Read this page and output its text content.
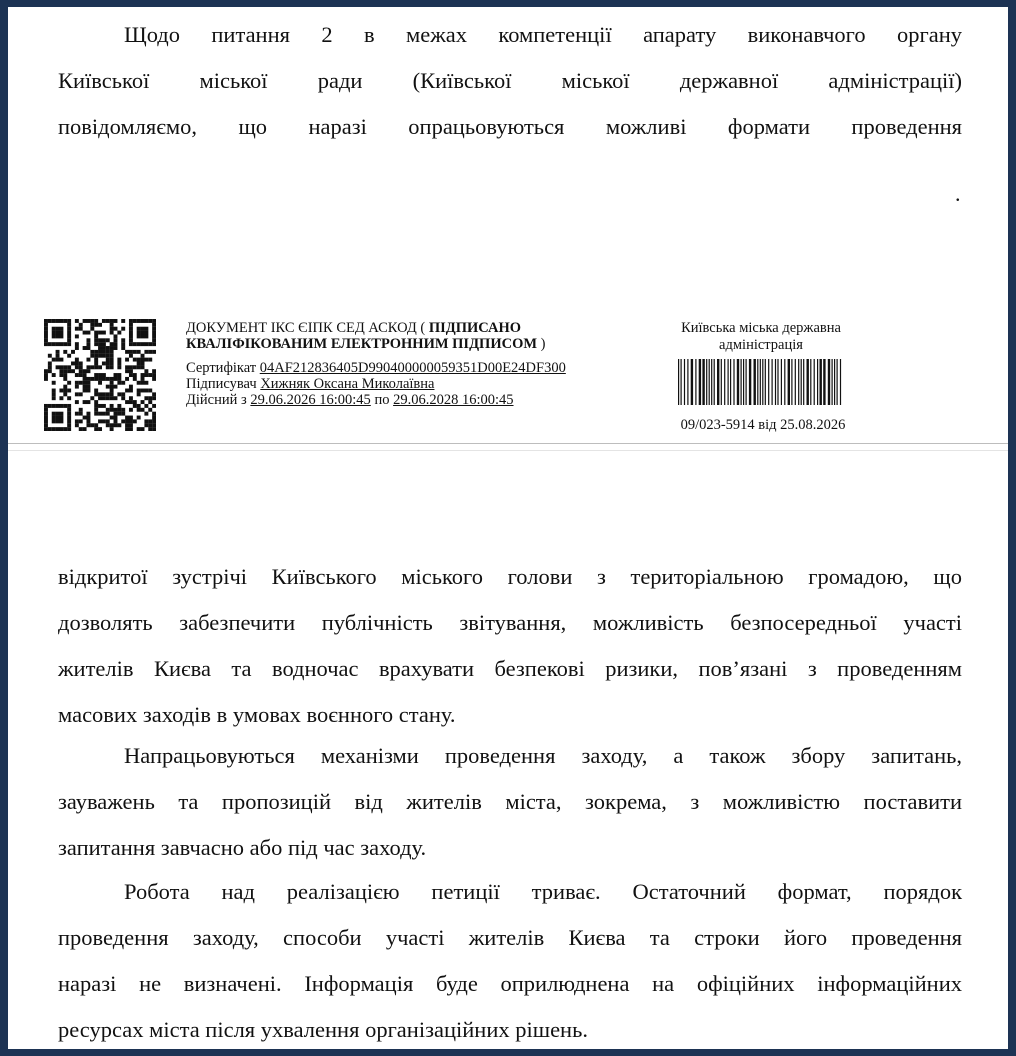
Щодо питання 2 в межах компетенції апарату виконавчого органу
Київської міської ради (Київської міської державної адміністрації)
повідомляємо, що наразі опрацьовуються можливі формати проведення

.
ДОКУМЕНТ ІКС ЄІПК СЕД АСКОД ( ПІДПИСАНО
КВАЛІФІКОВАНИМ ЕЛЕКТРОННИМ ПІДПИСОМ )
Сертифікат 04AF212836405D990400000059351D00E24DF300
Підписувач Хижняк Оксана Миколаївна
Дійсний з 29.06.2026 16:00:45 по 29.06.2028 16:00:45
Київська міська державна
адміністрація
09/023-5914 від 25.08.2026

відкритої зустрічі Київського міського голови з територіальною громадою, що
дозволять забезпечити публічність звітування, можливість безпосередньої участі
жителів Києва та водночас врахувати безпекові ризики, пов’язані з проведенням
масових заходів в умовах воєнного стану.

Напрацьовуються механізми проведення заходу, а також збору запитань,
зауважень та пропозицій від жителів міста, зокрема, з можливістю поставити
запитання завчасно або під час заходу.

Робота над реалізацією петиції триває. Остаточний формат, порядок
проведення заходу, способи участі жителів Києва та строки його проведення
наразі не визначені. Інформація буде оприлюднена на офіційних інформаційних
ресурсах міста після ухвалення організаційних рішень.
